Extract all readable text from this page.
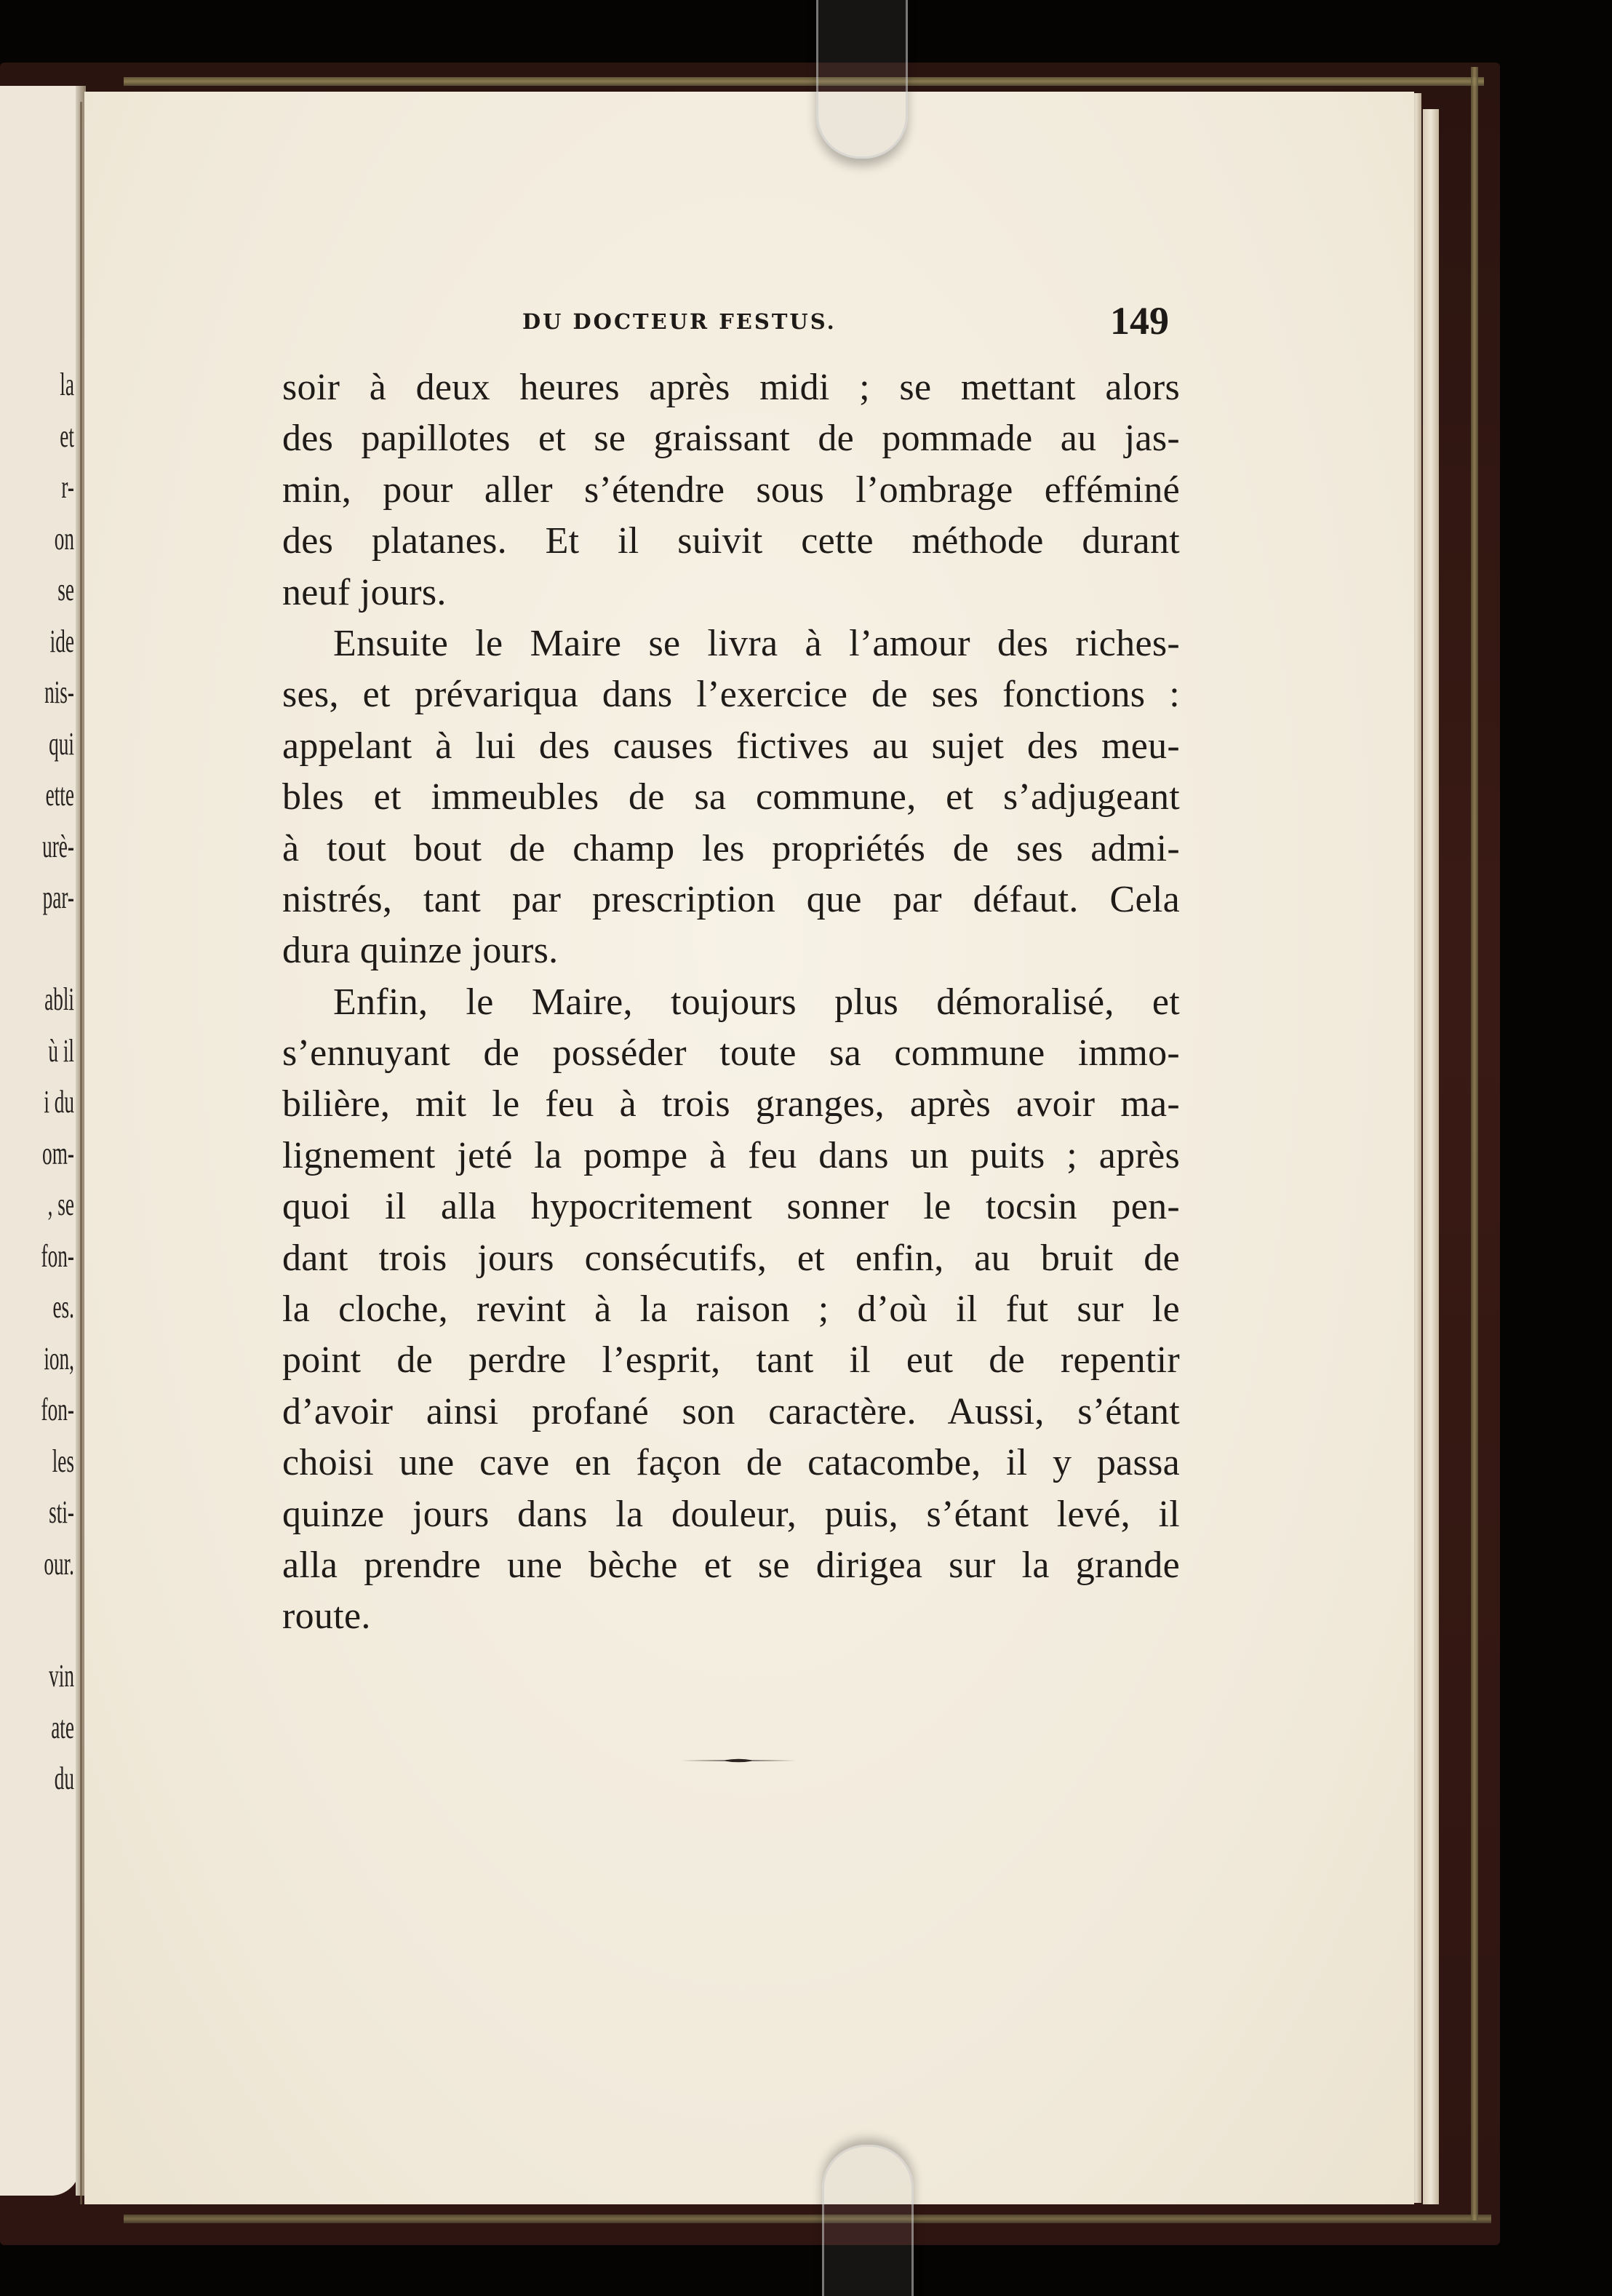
la
et
r-
on
se
ide
nis-
qui
ette
urè-
par-
abli
ù il
i du
om-
, se
fon-
es.
ion,
fon-
les
sti-
our.
vin
ate
du
DU DOCTEUR FESTUS.	149
soir à deux heures après midi ; se mettant alors
des papillotes et se graissant de pommade au jas-
min, pour aller s’étendre sous l’ombrage efféminé
des platanes. Et il suivit cette méthode durant
neuf jours.
Ensuite le Maire se livra à l’amour des riches-
ses, et prévariqua dans l’exercice de ses fonctions :
appelant à lui des causes fictives au sujet des meu-
bles et immeubles de sa commune, et s’adjugeant
à tout bout de champ les propriétés de ses admi-
nistrés, tant par prescription que par défaut. Cela
dura quinze jours.
Enfin, le Maire, toujours plus démoralisé, et
s’ennuyant de posséder toute sa commune immo-
bilière, mit le feu à trois granges, après avoir ma-
lignement jeté la pompe à feu dans un puits ; après
quoi il alla hypocritement sonner le tocsin pen-
dant trois jours consécutifs, et enfin, au bruit de
la cloche, revint à la raison ; d’où il fut sur le
point de perdre l’esprit, tant il eut de repentir
d’avoir ainsi profané son caractère. Aussi, s’étant
choisi une cave en façon de catacombe, il y passa
quinze jours dans la douleur, puis, s’étant levé, il
alla prendre une bèche et se dirigea sur la grande
route.
